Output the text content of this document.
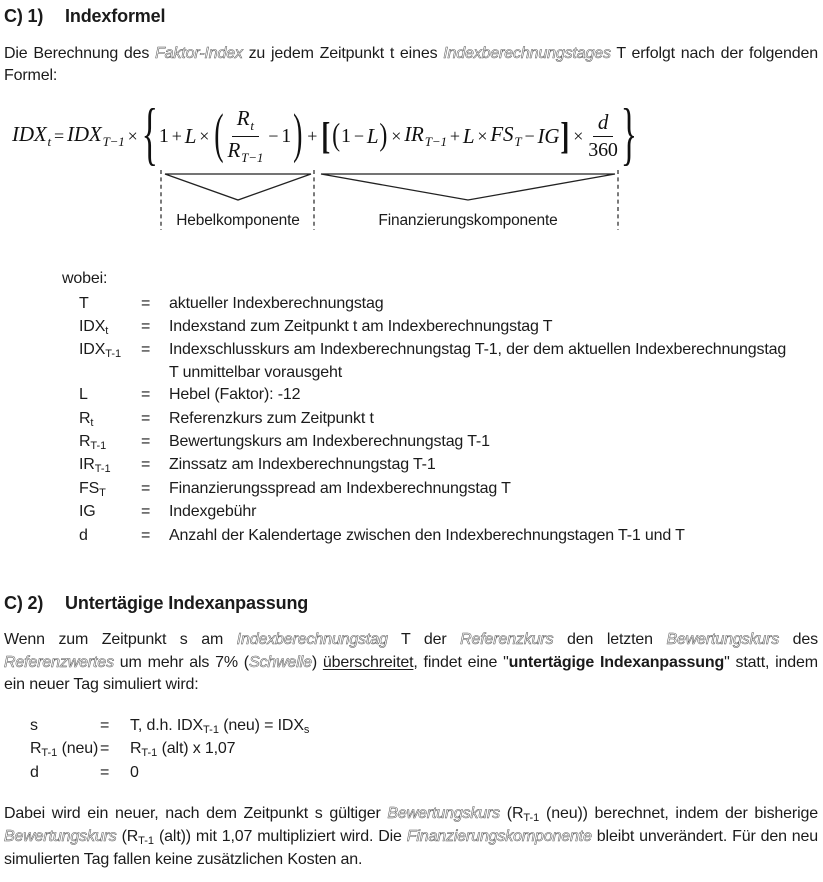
C) 1)	Indexformel

Die Berechnung des Faktor-Index zu jedem Zeitpunkt t eines Indexberechnungstages T erfolgt nach der folgenden Formel:

$IDX_t = IDX_{T-1}$ × { 1 + L × ( $\frac{R_t}{R_{T-1}} - 1$ ) + [ ( 1 − L ) × $IR_{T-1} + L \times FS_T$ − IG ] × $\frac{d}{360}$ }
Hebelkomponente	Finanzierungskomponente
wobei:
T	=	aktueller Indexberechnungstag
IDXt	=	Indexstand zum Zeitpunkt t am Indexberechnungstag T
IDXT-1	=	Indexschlusskurs am Indexberechnungstag T-1, der dem aktuellen Indexberechnungstag T unmittelbar vorausgeht
L	=	Hebel (Faktor): -12
Rt	=	Referenzkurs zum Zeitpunkt t
RT-1	=	Bewertungskurs am Indexberechnungstag T-1
IRT-1	=	Zinssatz am Indexberechnungstag T-1
FST	=	Finanzierungsspread am Indexberechnungstag T
IG	=	Indexgebühr
d	=	Anzahl der Kalendertage zwischen den Indexberechnungstagen T-1 und T
C) 2)	Untertägige Indexanpassung

Wenn zum Zeitpunkt s am Indexberechnungstag T der Referenzkurs den letzten Bewertungskurs des Referenzwertes um mehr als 7% (Schwelle) überschreitet, findet eine "untertägige Indexanpassung" statt, indem ein neuer Tag simuliert wird:

s	=	T, d.h. IDXT-1 (neu) = IDXs
RT-1 (neu) =	RT-1 (alt) x 1,07
d	=	0

Dabei wird ein neuer, nach dem Zeitpunkt s gültiger Bewertungskurs (RT-1 (neu)) berechnet, indem der bisherige Bewertungskurs (RT-1 (alt)) mit 1,07 multipliziert wird. Die Finanzierungskomponente bleibt unverändert. Für den neu simulierten Tag fallen keine zusätzlichen Kosten an.
